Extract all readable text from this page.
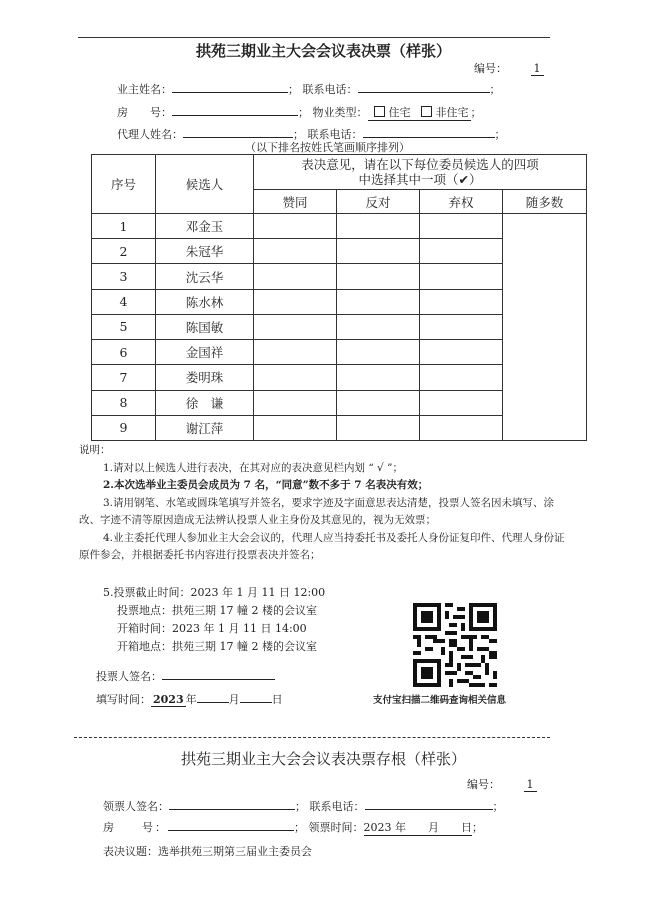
拱苑三期业主大会会议表决票（样张）
编号： 1
业主姓名：	； 联系电话：	；
房　　号：	； 物业类型： 住宅 非住宅 ；
代理人姓名：	； 联系电话：	；
（以下排名按姓氏笔画顺序排列）
序号	候选人	表决意见，请在以下每位委员候选人的四项
中选择其中一项（✔）			

		赞同	反对	弃权	随多数
1	邓金玉				
2	朱冠华				
3	沈云华				
4	陈水林				
5	陈国敏				
6	金国祥				
7	娄明珠				
8	徐　谦				
9	谢江萍				

说明：

1.请对以上候选人进行表决，在其对应的表决意见栏内划 “ √ ”；

2.本次选举业主委员会成员为 7 名，“同意”数不多于 7 名表决有效；

3.请用钢笔、水笔或圆珠笔填写并签名，要求字迹及字面意思表达清楚，投票人签名因未填写、涂改、字迹不清等原因造成无法辨认投票人业主身份及其意见的，视为无效票；

4.业主委托代理人参加业主大会会议的，代理人应当持委托书及委托人身份证复印件、代理人身份证原件参会，并根据委托书内容进行投票表决并签名；

5.投票截止时间：2023 年 1 月 11 日 12:00
投票地点：拱苑三期 17 幢 2 楼的会议室
开箱时间：2023 年 1 月 11 日 14:00
开箱地点：拱苑三期 17 幢 2 楼的会议室
支付宝扫描二维码查询相关信息
投票人签名：
填写时间： 2023 年	月	日
拱苑三期业主大会会议表决票存根（样张）
编号： 1
领票人签名：	； 联系电话：	；
房　　号：	； 领票时间：2023 年　　月　　日；
表决议题：选举拱苑三期第三届业主委员会
